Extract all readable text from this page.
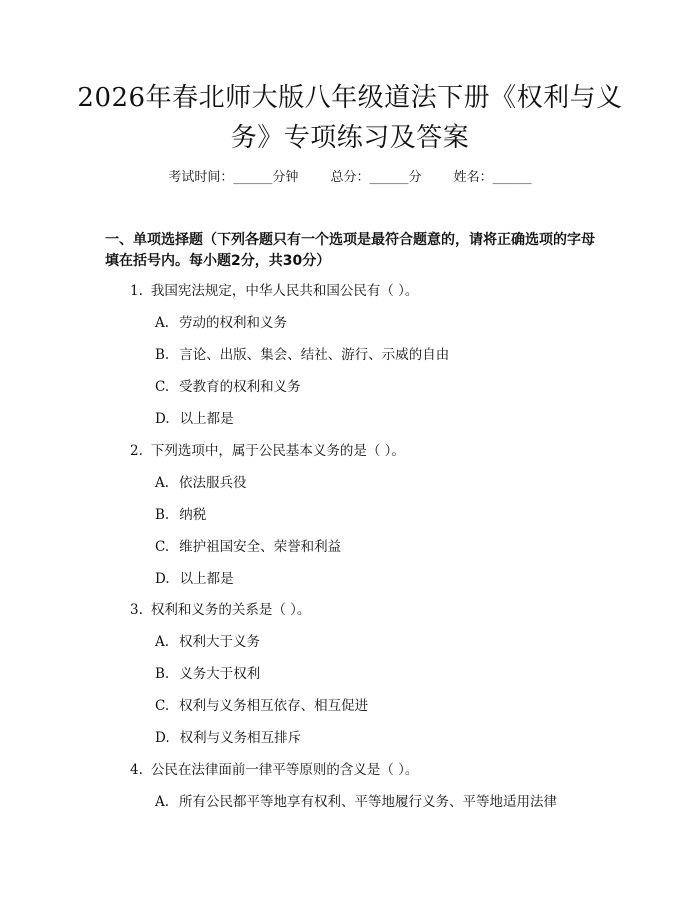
2026年春北师大版八年级道法下册《权利与义务》专项练习及答案
考试时间：______分钟 总分：______分 姓名：______
一、单项选择题（下列各题只有一个选项是最符合题意的，请将正确选项的字母填在括号内。每小题2分，共30分）
1. 我国宪法规定，中华人民共和国公民有（ ）。
A. 劳动的权利和义务
B. 言论、出版、集会、结社、游行、示威的自由
C. 受教育的权利和义务
D. 以上都是
2. 下列选项中，属于公民基本义务的是（ ）。
A. 依法服兵役
B. 纳税
C. 维护祖国安全、荣誉和利益
D. 以上都是
3. 权利和义务的关系是（ ）。
A. 权利大于义务
B. 义务大于权利
C. 权利与义务相互依存、相互促进
D. 权利与义务相互排斥
4. 公民在法律面前一律平等原则的含义是（ ）。
A. 所有公民都平等地享有权利、平等地履行义务、平等地适用法律
